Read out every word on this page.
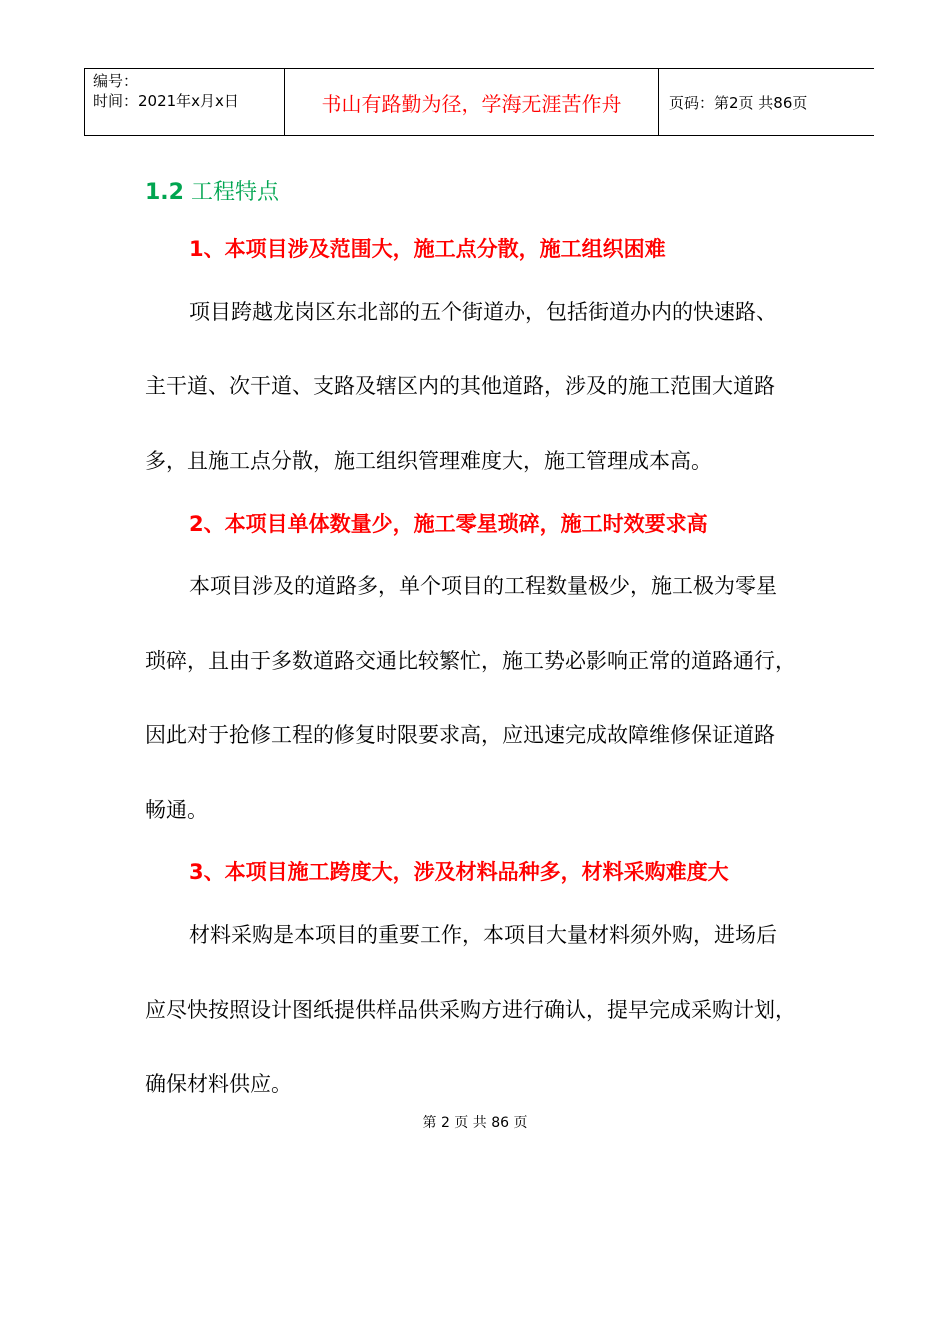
编号：
时间：2021年x月x日	书山有路勤为径，学海无涯苦作舟	页码：第2页 共86页
1.2 工程特点
1、本项目涉及范围大，施工点分散，施工组织困难
项目跨越龙岗区东北部的五个街道办，包括街道办内的快速路、
主干道、次干道、支路及辖区内的其他道路，涉及的施工范围大道路
多，且施工点分散，施工组织管理难度大，施工管理成本高。
2、本项目单体数量少，施工零星琐碎，施工时效要求高
本项目涉及的道路多，单个项目的工程数量极少，施工极为零星
琐碎，且由于多数道路交通比较繁忙，施工势必影响正常的道路通行，
因此对于抢修工程的修复时限要求高，应迅速完成故障维修保证道路
畅通。
3、本项目施工跨度大，涉及材料品种多，材料采购难度大
材料采购是本项目的重要工作，本项目大量材料须外购，进场后
应尽快按照设计图纸提供样品供采购方进行确认，提早完成采购计划，
确保材料供应。
第 2 页 共 86 页
